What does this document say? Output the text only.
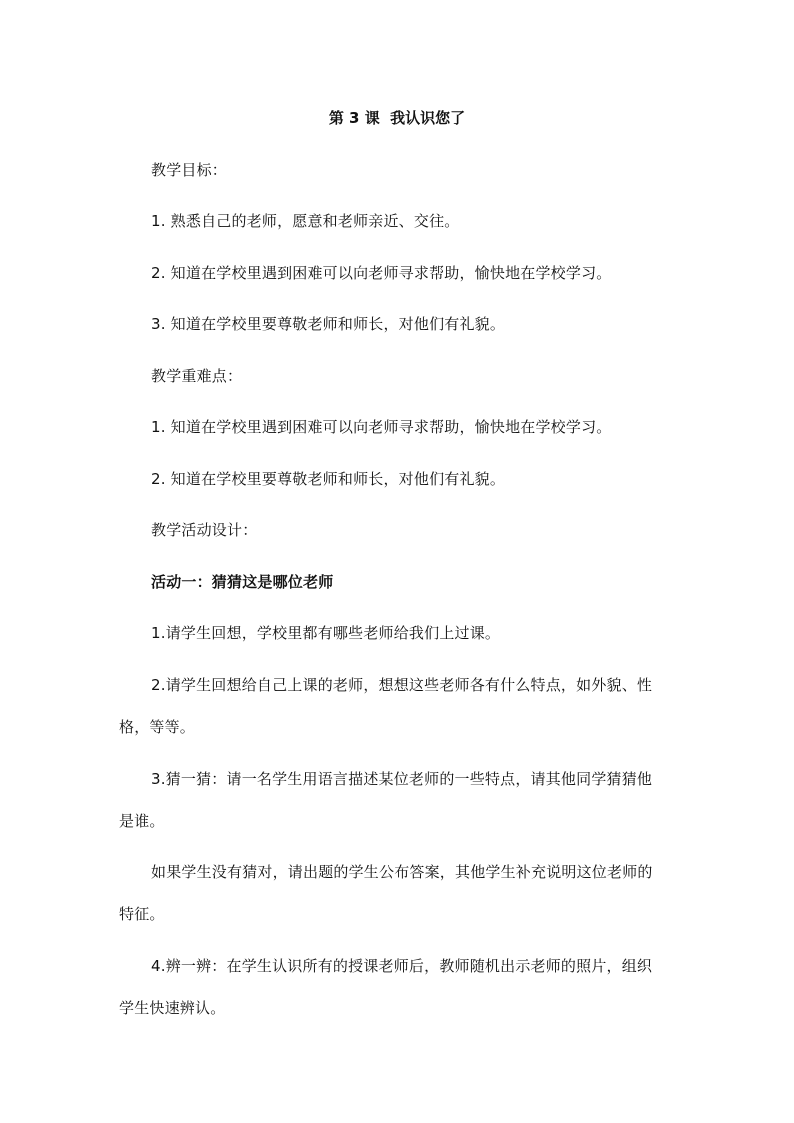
第 3 课  我认识您了
教学目标：
1. 熟悉自己的老师，愿意和老师亲近、交往。
2. 知道在学校里遇到困难可以向老师寻求帮助，愉快地在学校学习。
3. 知道在学校里要尊敬老师和师长，对他们有礼貌。
教学重难点：
1. 知道在学校里遇到困难可以向老师寻求帮助，愉快地在学校学习。
2. 知道在学校里要尊敬老师和师长，对他们有礼貌。
教学活动设计：
活动一：猜猜这是哪位老师
1.请学生回想，学校里都有哪些老师给我们上过课。
2.请学生回想给自己上课的老师，想想这些老师各有什么特点，如外貌、性
格，等等。
3.猜一猜：请一名学生用语言描述某位老师的一些特点，请其他同学猜猜他
是谁。
如果学生没有猜对，请出题的学生公布答案，其他学生补充说明这位老师的
特征。
4.辨一辨：在学生认识所有的授课老师后，教师随机出示老师的照片，组织
学生快速辨认。
